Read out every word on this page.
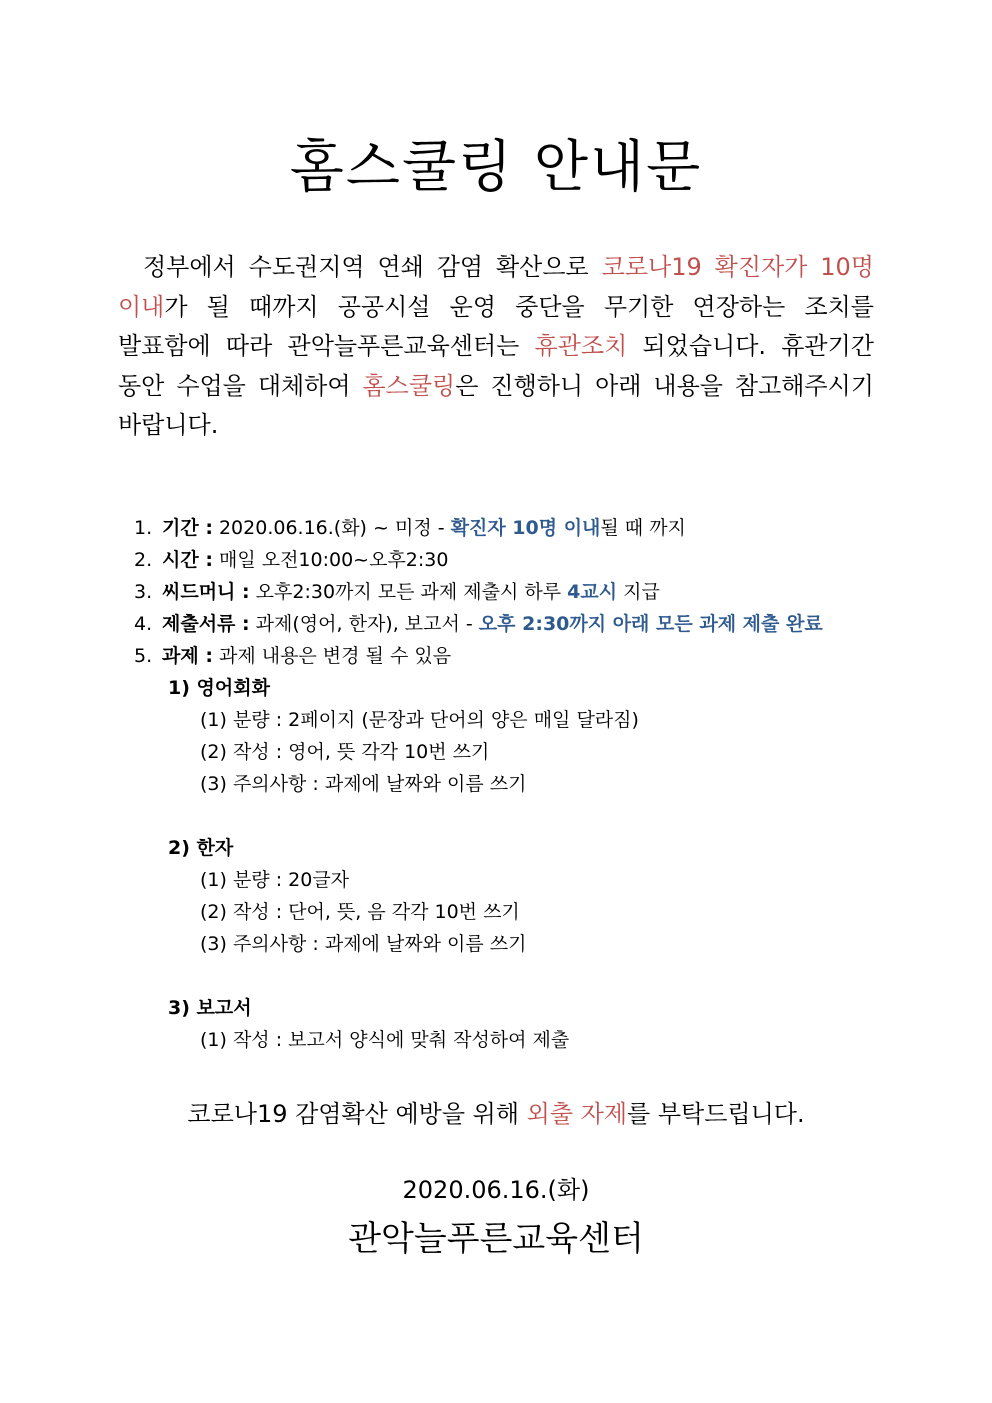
홈스쿨링 안내문
정부에서 수도권지역 연쇄 감염 확산으로 코로나19 확진자가 10명 이내가 될 때까지 공공시설 운영 중단을 무기한 연장하는 조치를 발표함에 따라 관악늘푸른교육센터는 휴관조치 되었습니다. 휴관기간 동안 수업을 대체하여 홈스쿨링은 진행하니 아래 내용을 참고해주시기 바랍니다.
1. 기간 : 2020.06.16.(화) ~ 미정 - 확진자 10명 이내될 때 까지
2. 시간 : 매일 오전10:00~오후2:30
3. 씨드머니 : 오후2:30까지 모든 과제 제출시 하루 4교시 지급
4. 제출서류 : 과제(영어, 한자), 보고서 - 오후 2:30까지 아래 모든 과제 제출 완료
5. 과제 : 과제 내용은 변경 될 수 있음
1) 영어회화
(1) 분량 : 2페이지 (문장과 단어의 양은 매일 달라짐)
(2) 작성 : 영어, 뜻 각각 10번 쓰기
(3) 주의사항 : 과제에 날짜와 이름 쓰기
2) 한자
(1) 분량 : 20글자
(2) 작성 : 단어, 뜻, 음 각각 10번 쓰기
(3) 주의사항 : 과제에 날짜와 이름 쓰기
3) 보고서
(1) 작성 : 보고서 양식에 맞춰 작성하여 제출
코로나19 감염확산 예방을 위해 외출 자제를 부탁드립니다.
2020.06.16.(화)
관악늘푸른교육센터
